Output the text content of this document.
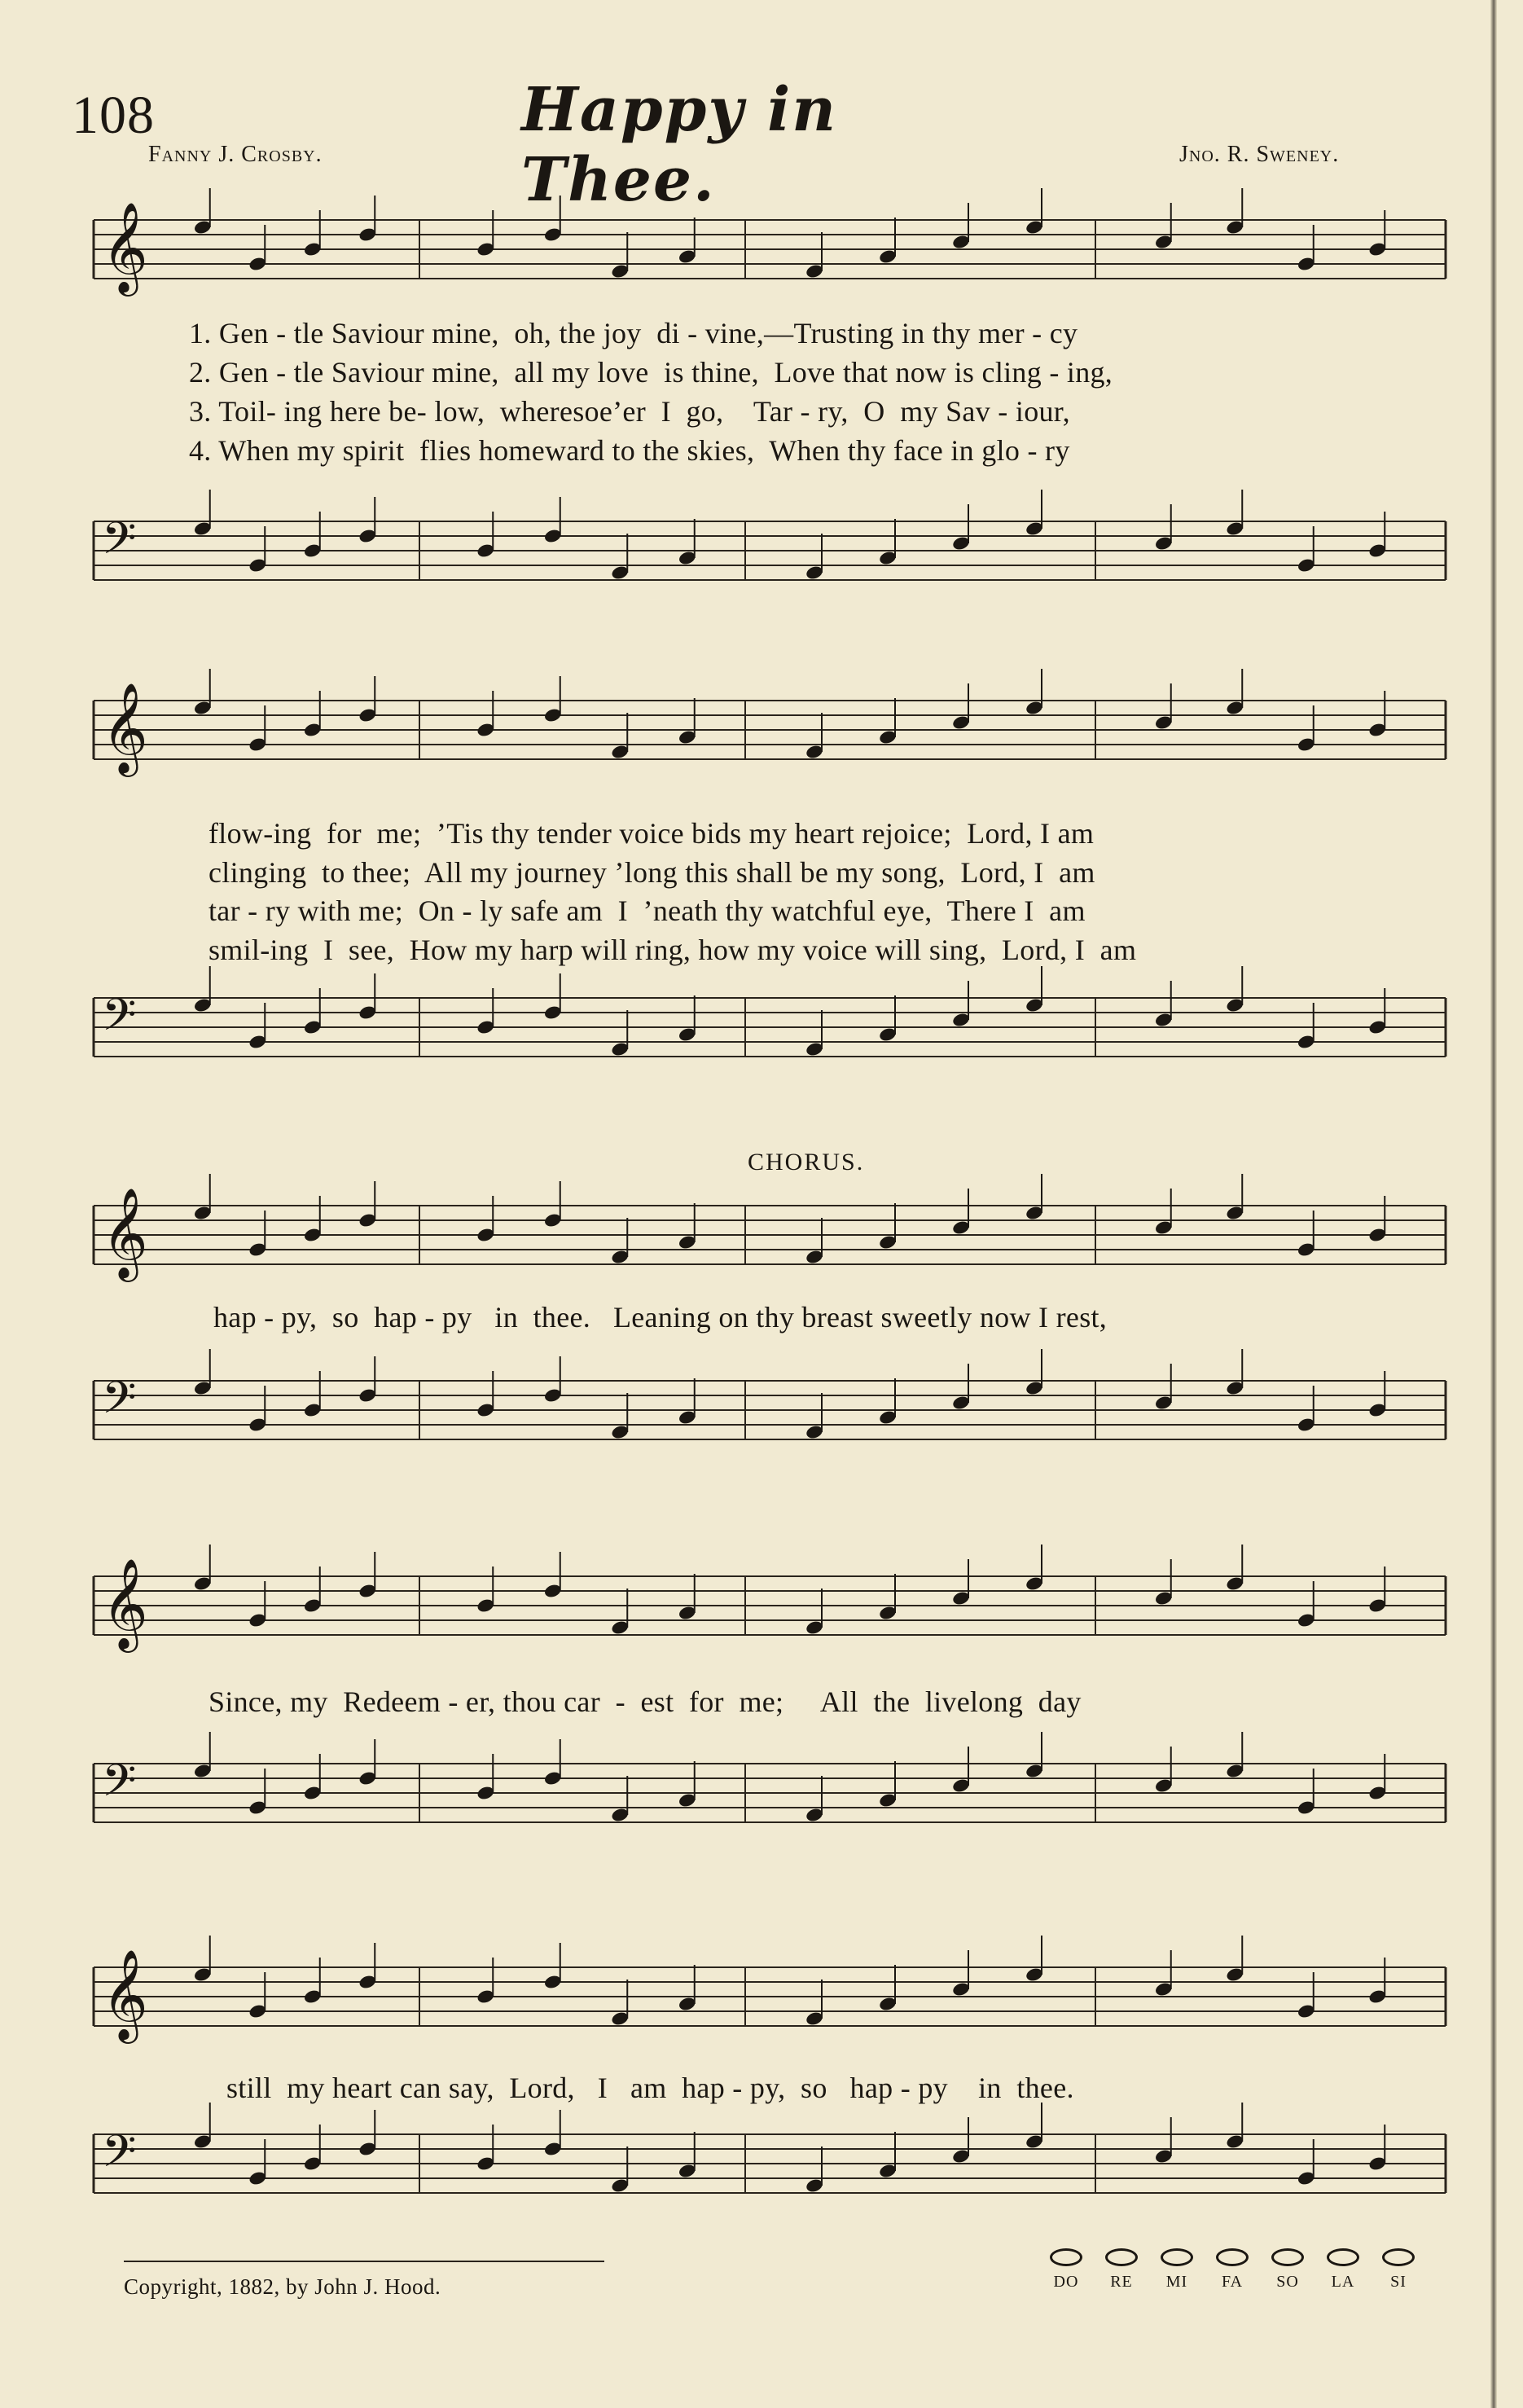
108	Happy in Thee.
Fanny J. Crosby.	Jno. R. Sweney.
𝄞
𝄢
1. Gen - tle Saviour mine,  oh, the joy  di - vine,—Trusting in thy mer - cy
2. Gen - tle Saviour mine,  all my love  is thine,  Love that now is cling - ing,
3. Toil- ing here be- low,  wheresoe’er  I  go,    Tar - ry,  O  my Sav - iour,
4. When my spirit  flies homeward to the skies,  When thy face in glo - ry
𝄞
𝄢
flow-ing  for  me;  ’Tis thy tender voice bids my heart rejoice;  Lord, I am
clinging  to thee;  All my journey ’long this shall be my song,  Lord, I  am
tar - ry with me;  On - ly safe am  I  ’neath thy watchful eye,  There I  am
smil-ing  I  see,  How my harp will ring, how my voice will sing,  Lord, I  am
CHORUS.
𝄞
𝄢
hap - py,  so  hap - py   in  thee.   Leaning on thy breast sweetly now I rest,
𝄞
𝄢
Since, my  Redeem - er, thou car  -  est  for  me;     All  the  livelong  day
𝄞
𝄢
still  my heart can say,  Lord,   I   am  hap - py,  so   hap - py    in  thee.
Copyright, 1882, by John J. Hood.	DO	RE	MI	FA	SO	LA	SI
